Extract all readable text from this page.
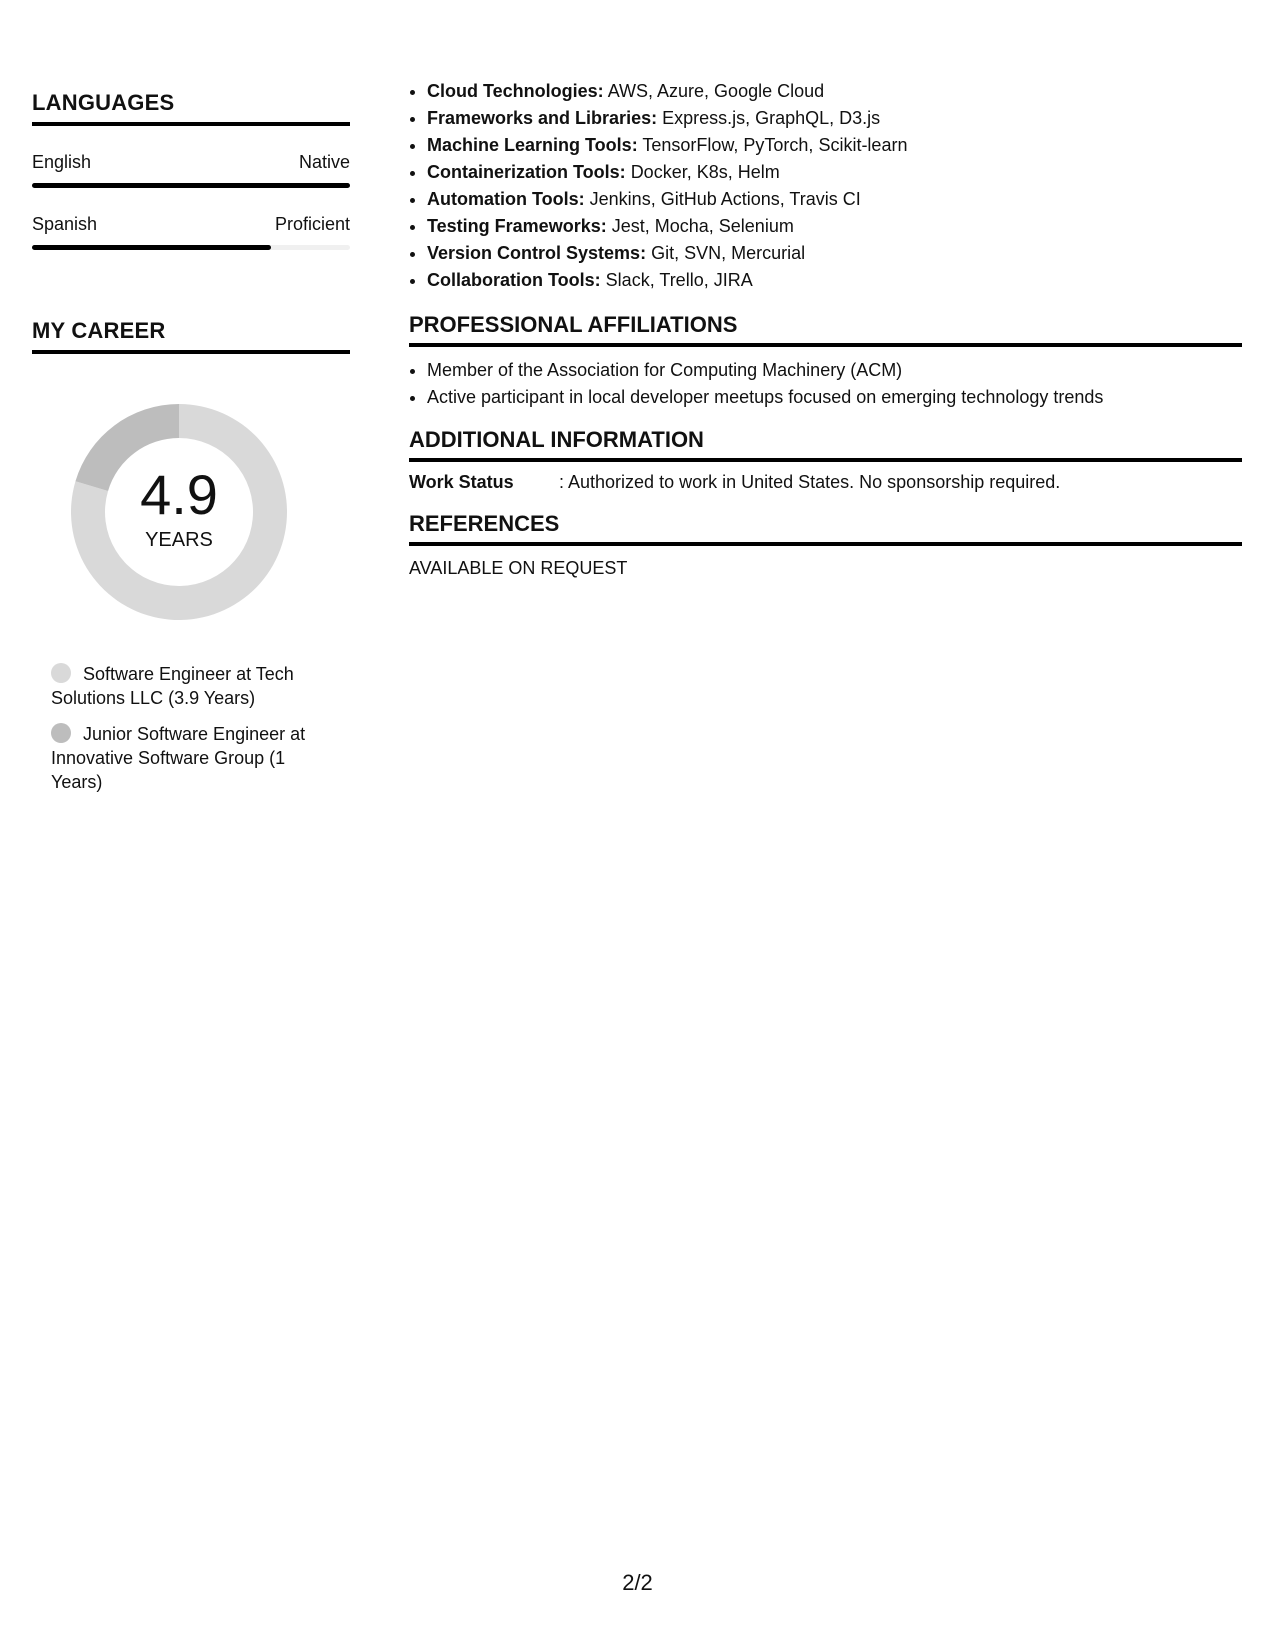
LANGUAGES
English	Native
Spanish	Proficient
MY CAREER
4.9
YEARS
Software Engineer at Tech Solutions LLC (3.9 Years)
Junior Software Engineer at Innovative Software Group (1 Years)
• Cloud Technologies: AWS, Azure, Google Cloud
• Frameworks and Libraries: Express.js, GraphQL, D3.js
• Machine Learning Tools: TensorFlow, PyTorch, Scikit-learn
• Containerization Tools: Docker, K8s, Helm
• Automation Tools: Jenkins, GitHub Actions, Travis CI
• Testing Frameworks: Jest, Mocha, Selenium
• Version Control Systems: Git, SVN, Mercurial
• Collaboration Tools: Slack, Trello, JIRA
PROFESSIONAL AFFILIATIONS
• Member of the Association for Computing Machinery (ACM)
• Active participant in local developer meetups focused on emerging technology trends
ADDITIONAL INFORMATION
Work Status	: Authorized to work in United States. No sponsorship required.
REFERENCES
AVAILABLE ON REQUEST
2/2
